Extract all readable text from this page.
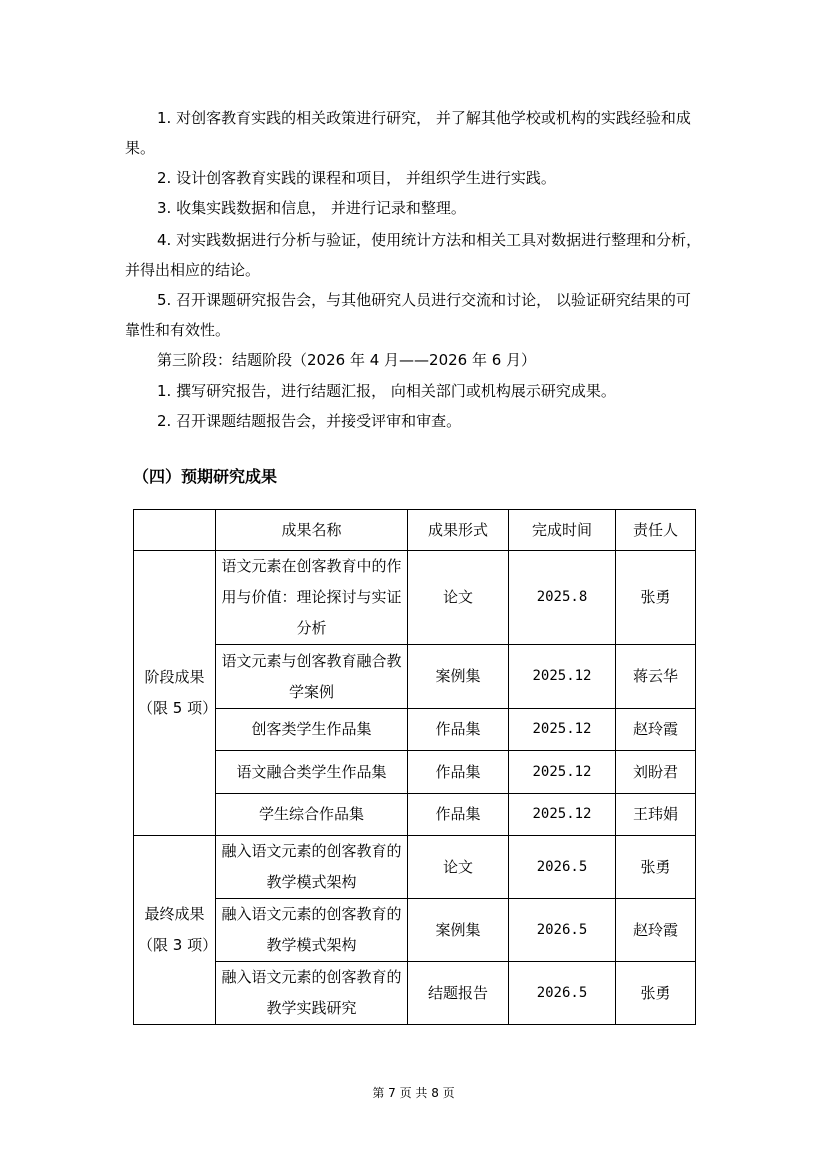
1. 对创客教育实践的相关政策进行研究， 并了解其他学校或机构的实践经验和成果。

2. 设计创客教育实践的课程和项目， 并组织学生进行实践。

3. 收集实践数据和信息， 并进行记录和整理。

4. 对实践数据进行分析与验证，使用统计方法和相关工具对数据进行整理和分析， 并得出相应的结论。

5. 召开课题研究报告会，与其他研究人员进行交流和讨论， 以验证研究结果的可靠性和有效性。

第三阶段：结题阶段（2026 年 4 月——2026 年 6 月）

1. 撰写研究报告，进行结题汇报， 向相关部门或机构展示研究成果。

2. 召开课题结题报告会，并接受评审和审查。

（四）预期研究成果

	成果名称	成果形式	完成时间	责任人
阶段成果（限 5 项）	语文元素在创客教育中的作用与价值：理论探讨与实证分析	论文	2025.8	张勇
	语文元素与创客教育融合教学案例	案例集	2025.12	蒋云华
	创客类学生作品集	作品集	2025.12	赵玲霞
	语文融合类学生作品集	作品集	2025.12	刘盼君
	学生综合作品集	作品集	2025.12	王玮娟
最终成果（限 3 项）	融入语文元素的创客教育的教学模式架构	论文	2026.5	张勇
	融入语文元素的创客教育的教学模式架构	案例集	2026.5	赵玲霞
	融入语文元素的创客教育的教学实践研究	结题报告	2026.5	张勇
第 7 页 共 8 页
